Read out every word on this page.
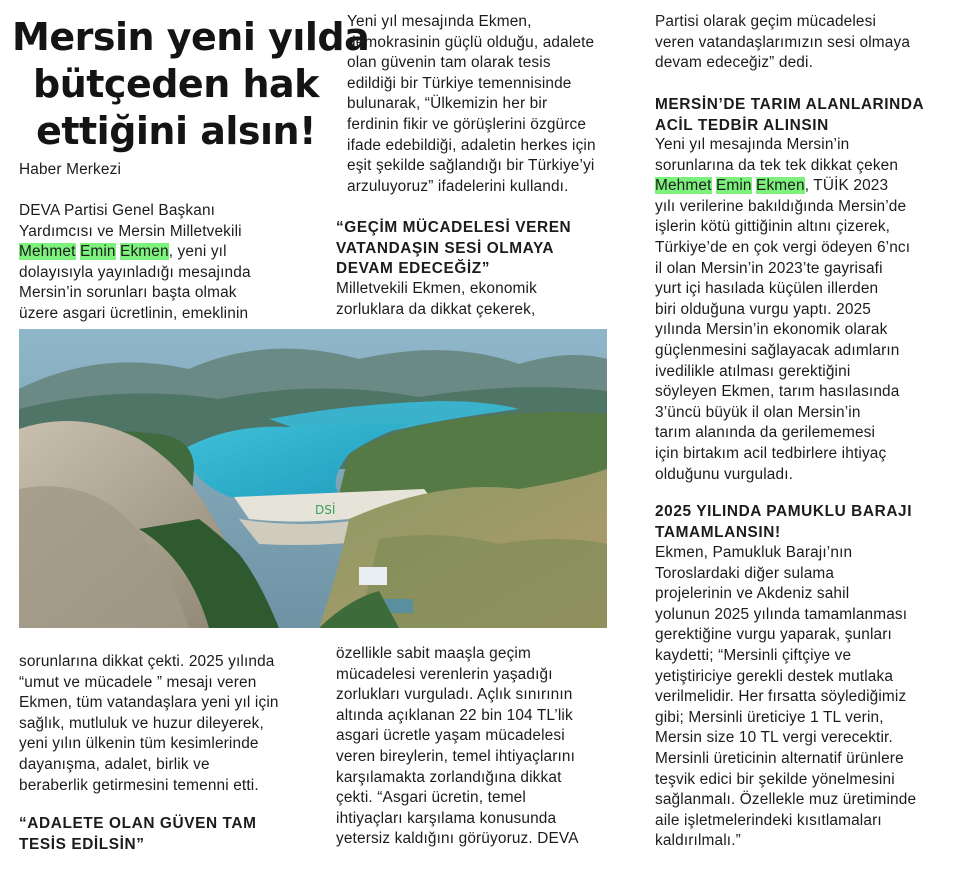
Mersin yeni yılda

bütçeden hak

ettiğini alsın!

Haber Merkezi

DEVA Partisi Genel Başkanı

Yardımcısı ve Mersin Milletvekili

Mehmet Emin Ekmen, yeni yıl

dolayısıyla yayınladığı mesajında

Mersin’in sorunları başta olmak

üzere asgari ücretlinin, emeklinin

Yeni yıl mesajında Ekmen,

demokrasinin güçlü olduğu, adalete

olan güvenin tam olarak tesis

edildiği bir Türkiye temennisinde

bulunarak, “Ülkemizin her bir

ferdinin fikir ve görüşlerini özgürce

ifade edebildiği, adaletin herkes için

eşit şekilde sağlandığı bir Türkiye’yi

arzuluyoruz” ifadelerini kullandı.

“GEÇİM MÜCADELESİ VEREN

VATANDAŞIN SESİ OLMAYA

DEVAM EDECEĞİZ”

Milletvekili Ekmen, ekonomik

zorluklara da dikkat çekerek,

Partisi olarak geçim mücadelesi

veren vatandaşlarımızın sesi olmaya

devam edeceğiz” dedi.

MERSİN’DE TARIM ALANLARINDA

ACİL TEDBİR ALINSIN

Yeni yıl mesajında Mersin’in

sorunlarına da tek tek dikkat çeken

Mehmet Emin Ekmen, TÜİK 2023

yılı verilerine bakıldığında Mersin’de

işlerin kötü gittiğinin altını çizerek,

Türkiye’de en çok vergi ödeyen 6’ncı

il olan Mersin’in 2023’te gayrisafi

yurt içi hasılada küçülen illerden

biri olduğuna vurgu yaptı. 2025

yılında Mersin’in ekonomik olarak

güçlenmesini sağlayacak adımların

ivedilikle atılması gerektiğini

söyleyen Ekmen, tarım hasılasında

3’üncü büyük il olan Mersin’in

tarım alanında da gerilememesi

için birtakım acil tedbirlere ihtiyaç

olduğunu vurguladı.

2025 YILINDA PAMUKLU BARAJI

TAMAMLANSIN!

Ekmen, Pamukluk Barajı’nın

Toroslardaki diğer sulama

projelerinin ve Akdeniz sahil

yolunun 2025 yılında tamamlanması

gerektiğine vurgu yaparak, şunları

kaydetti; “Mersinli çiftçiye ve

yetiştiriciye gerekli destek mutlaka

verilmelidir. Her fırsatta söylediğimiz

gibi; Mersinli üreticiye 1 TL verin,

Mersin size 10 TL vergi verecektir.

Mersinli üreticinin alternatif ürünlere

teşvik edici bir şekilde yönelmesini

sağlanmalı. Özellekle muz üretiminde

aile işletmelerindeki kısıtlamaları

kaldırılmalı.”

DSİ

sorunlarına dikkat çekti. 2025 yılında

“umut ve mücadele ” mesajı veren

Ekmen, tüm vatandaşlara yeni yıl için

sağlık, mutluluk ve huzur dileyerek,

yeni yılın ülkenin tüm kesimlerinde

dayanışma, adalet, birlik ve

beraberlik getirmesini temenni etti.

“ADALETE OLAN GÜVEN TAM

TESİS EDİLSİN”

özellikle sabit maaşla geçim

mücadelesi verenlerin yaşadığı

zorlukları vurguladı. Açlık sınırının

altında açıklanan 22 bin 104 TL’lik

asgari ücretle yaşam mücadelesi

veren bireylerin, temel ihtiyaçlarını

karşılamakta zorlandığına dikkat

çekti. “Asgari ücretin, temel

ihtiyaçları karşılama konusunda

yetersiz kaldığını görüyoruz. DEVA
